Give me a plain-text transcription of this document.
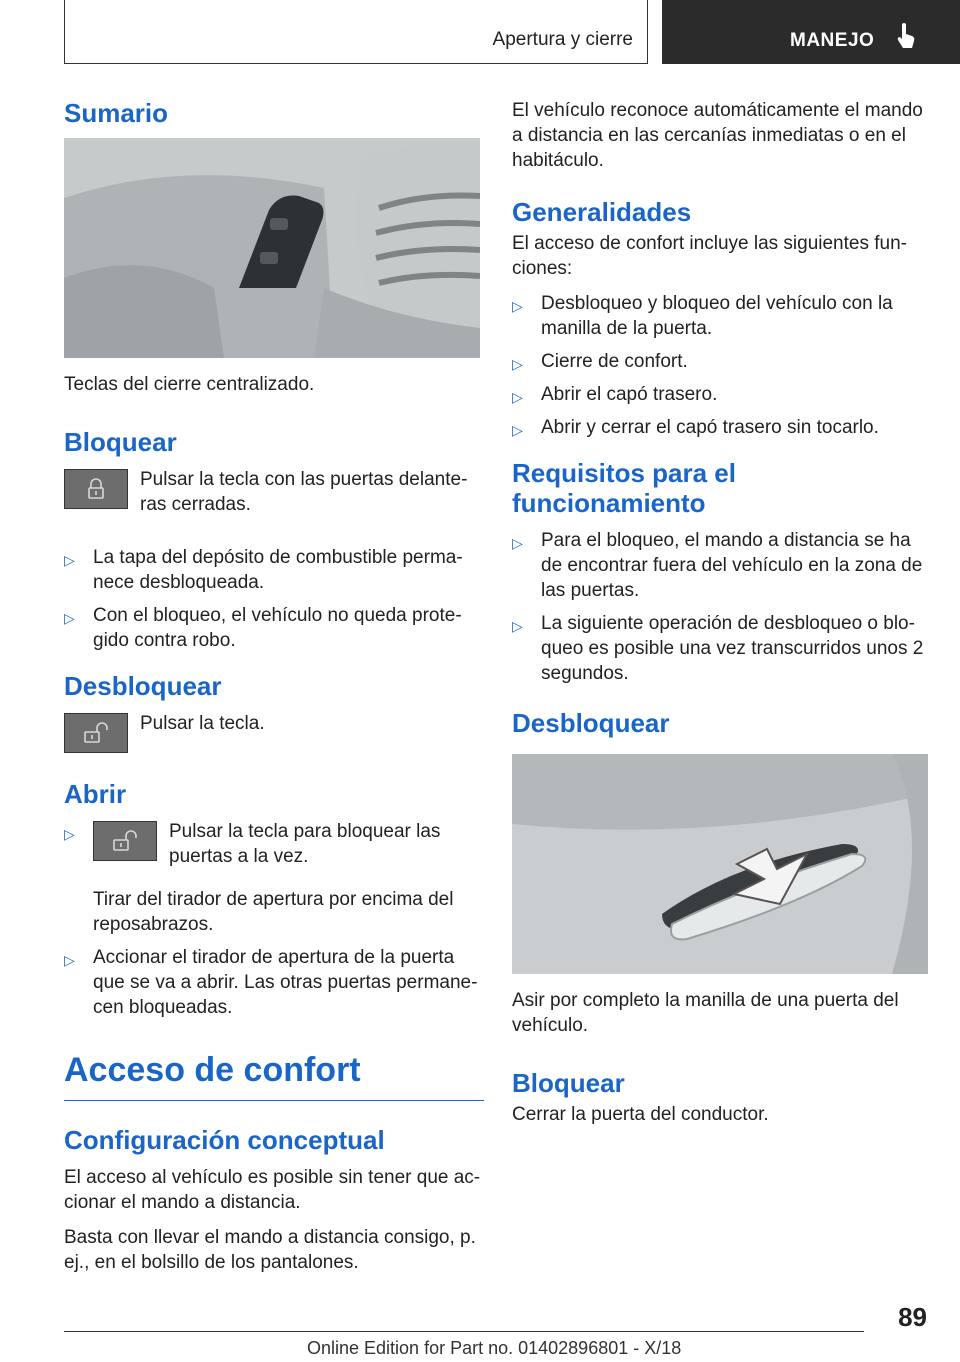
Apertura y cierre	MANEJO
Sumario

Teclas del cierre centralizado.

Bloquear

Pulsar la tecla con las puertas delante-ras cerradas.

▷ La tapa del depósito de combustible perma-nece desbloqueada.
▷ Con el bloqueo, el vehículo no queda prote-gido contra robo.
Desbloquear

Pulsar la tecla.

Abrir
▷	Pulsar la tecla para bloquear las puertas a la vez.

Tirar del tirador de apertura por encima del reposabrazos.
▷ Accionar el tirador de apertura de la puerta que se va a abrir. Las otras puertas permane-cen bloqueadas.
Acceso de confort
Configuración conceptual

El acceso al vehículo es posible sin tener que ac-cionar el mando a distancia.

Basta con llevar el mando a distancia consigo, p. ej., en el bolsillo de los pantalones.

El vehículo reconoce automáticamente el mando a distancia en las cercanías inmediatas o en el habitáculo.

Generalidades

El acceso de confort incluye las siguientes fun-ciones:

▷ Desbloqueo y bloqueo del vehículo con la manilla de la puerta.
▷ Cierre de confort.
▷ Abrir el capó trasero.
▷ Abrir y cerrar el capó trasero sin tocarlo.
Requisitos para el funcionamiento
▷ Para el bloqueo, el mando a distancia se ha de encontrar fuera del vehículo en la zona de las puertas.
▷ La siguiente operación de desbloqueo o blo-queo es posible una vez transcurridos unos 2 segundos.
Desbloquear

Asir por completo la manilla de una puerta del vehículo.

Bloquear

Cerrar la puerta del conductor.

89
Online Edition for Part no. 01402896801 - X/18
